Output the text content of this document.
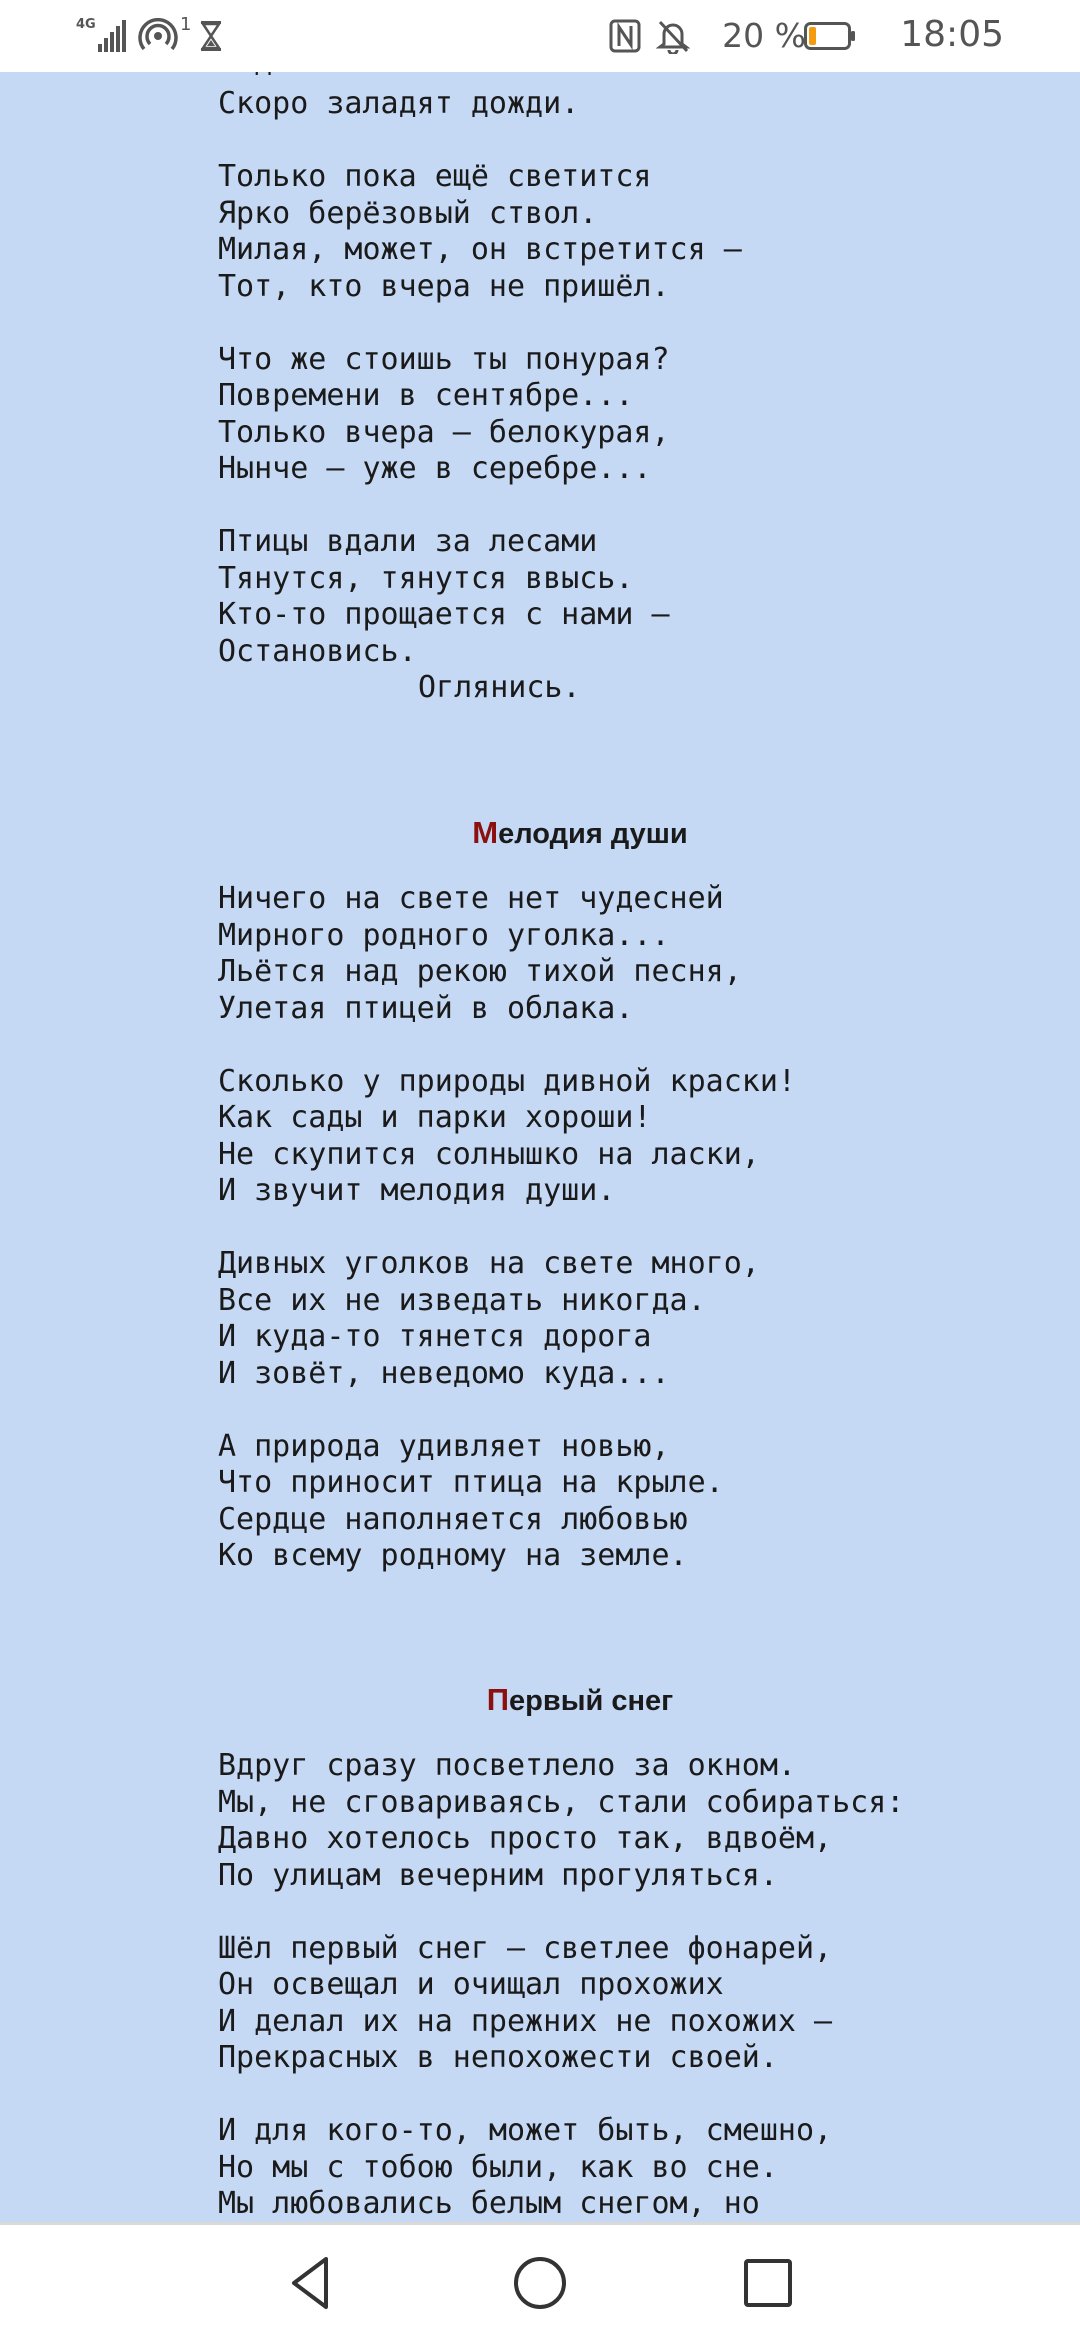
Скоро заладят дожди.

Только пока ещё светится
Ярко берёзовый ствол.
Милая, может, он встретится –
Тот, кто вчера не пришёл.

Что же стоишь ты понурая?
Повремени в сентябре...
Только вчера – белокурая,
Нынче – уже в серебре...

Птицы вдали за лесами
Тянутся, тянутся ввысь.
Кто-то прощается с нами –
Остановись.
Оглянись.
Мелодия души
Ничего на свете нет чудесней
Мирного родного уголка...
Льётся над рекою тихой песня,
Улетая птицей в облака.

Сколько у природы дивной краски!
Как сады и парки хороши!
Не скупится солнышко на ласки,
И звучит мелодия души.

Дивных уголков на свете много,
Все их не изведать никогда.
И куда-то тянется дорога
И зовёт, неведомо куда...

А природа удивляет новью,
Что приносит птица на крыле.
Сердце наполняется любовью
Ко всему родному на земле.
Первый снег
Вдруг сразу посветлело за окном.
Мы, не сговариваясь, стали собираться:
Давно хотелось просто так, вдвоём,
По улицам вечерним прогуляться.

Шёл первый снег – светлее фонарей,
Он освещал и очищал прохожих
И делал их на прежних не похожих –
Прекрасных в непохожести своей.

И для кого-то, может быть, смешно,
Но мы с тобою были, как во сне.
Мы любовались белым снегом, но
4G	1	20 %	18:05
